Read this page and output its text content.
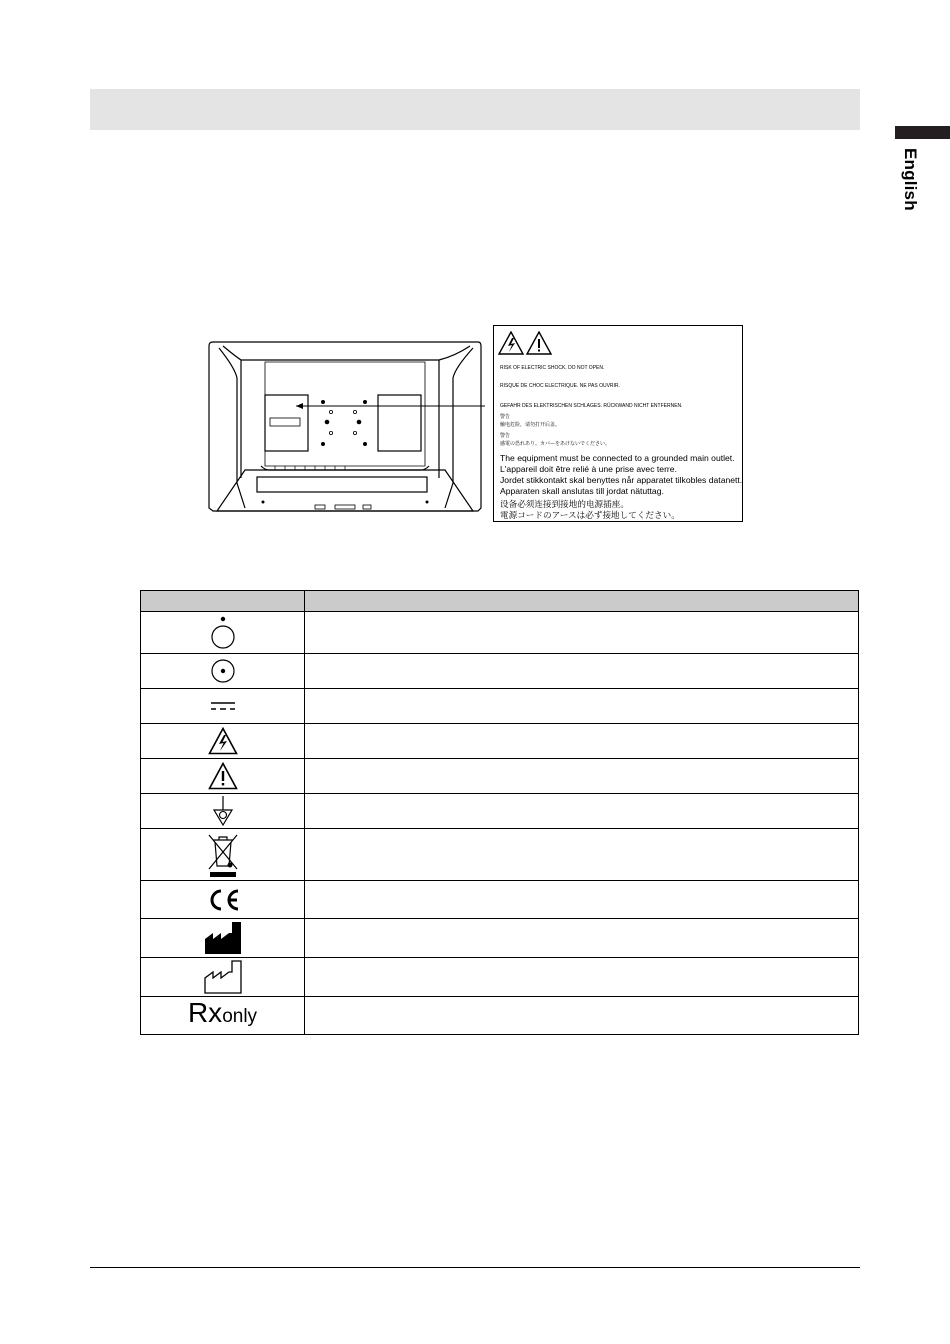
English
RISK OF ELECTRIC SHOCK. DO NOT OPEN.
RISQUE DE CHOC ELECTRIQUE. NE PAS OUVRIR.
GEFAHR DES ELEKTRISCHEN SCHLAGES. RÜCKWAND NICHT ENTFERNEN.
警告
触电危险，请勿打开后盖。
警告
感電の恐れあり。カバーをあけないでください。
The equipment must be connected to a grounded main outlet.
L'appareil doit être relié à une prise avec terre.
Jordet stikkontakt skal benyttes når apparatet tilkobles datanett.
Apparaten skall anslutas till jordat nätuttag.
设备必须连接到接地的电源插座。
電源コードのアースは必ず接地してください。

Rxonly	
